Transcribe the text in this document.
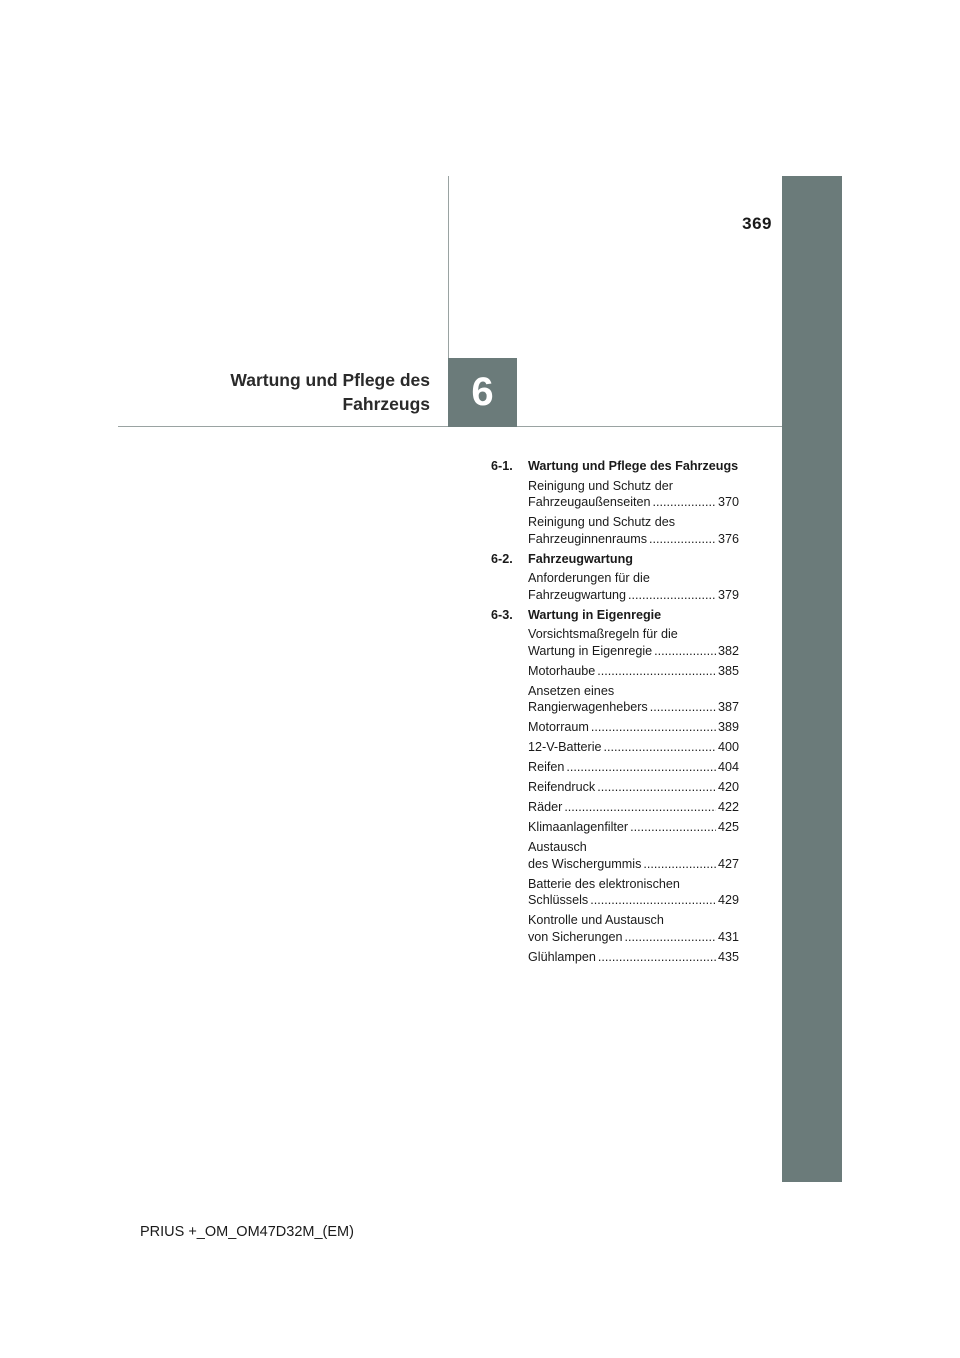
369
6
Wartung und Pflege des
Fahrzeugs
6-1.	Wartung und Pflege des Fahrzeugs
Reinigung und Schutz der
Fahrzeugaußenseiten .....	370
Reinigung und Schutz des
Fahrzeuginnenraums .....	376
6-2.	Fahrzeugwartung
Anforderungen für die
Fahrzeugwartung .....	379
6-3.	Wartung in Eigenregie
Vorsichtsmaßregeln für die
Wartung in Eigenregie .....	382
Motorhaube .....	385
Ansetzen eines
Rangierwagenhebers .....	387
Motorraum .....	389
12-V-Batterie .....	400
Reifen .....	404
Reifendruck .....	420
Räder .....	422
Klimaanlagenfilter .....	425
Austausch
des Wischergummis .....	427
Batterie des elektronischen
Schlüssels .....	429
Kontrolle und Austausch
von Sicherungen .....	431
Glühlampen .....	435
PRIUS +_OM_OM47D32M_(EM)
